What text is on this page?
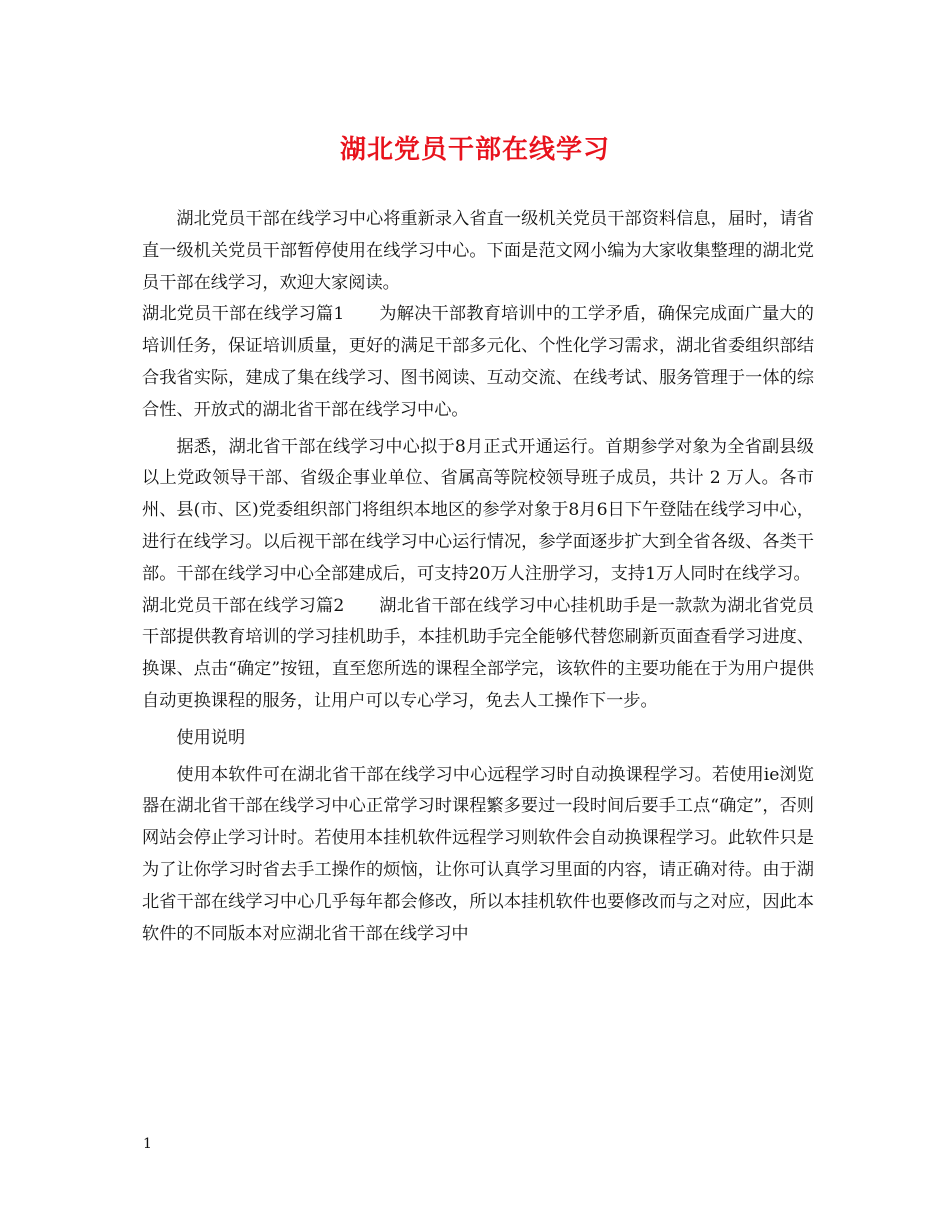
湖北党员干部在线学习

湖北党员干部在线学习中心将重新录入省直一级机关党员干部资料信息，届时，请省直一级机关党员干部暂停使用在线学习中心。下面是范文网小编为大家收集整理的湖北党员干部在线学习，欢迎大家阅读。

湖北党员干部在线学习篇1　　为解决干部教育培训中的工学矛盾，确保完成面广量大的培训任务，保证培训质量，更好的满足干部多元化、个性化学习需求，湖北省委组织部结合我省实际，建成了集在线学习、图书阅读、互动交流、在线考试、服务管理于一体的综合性、开放式的湖北省干部在线学习中心。

据悉，湖北省干部在线学习中心拟于8月正式开通运行。首期参学对象为全省副县级以上党政领导干部、省级企事业单位、省属高等院校领导班子成员，共计 2 万人。各市州、县(市、区)党委组织部门将组织本地区的参学对象于8月6日下午登陆在线学习中心，进行在线学习。以后视干部在线学习中心运行情况，参学面逐步扩大到全省各级、各类干部。干部在线学习中心全部建成后，可支持20万人注册学习，支持1万人同时在线学习。

湖北党员干部在线学习篇2　　湖北省干部在线学习中心挂机助手是一款款为湖北省党员干部提供教育培训的学习挂机助手，本挂机助手完全能够代替您刷新页面查看学习进度、换课、点击“确定”按钮，直至您所选的课程全部学完，该软件的主要功能在于为用户提供自动更换课程的服务，让用户可以专心学习，免去人工操作下一步。

使用说明

使用本软件可在湖北省干部在线学习中心远程学习时自动换课程学习。若使用ie浏览器在湖北省干部在线学习中心正常学习时课程繁多要过一段时间后要手工点“确定”，否则网站会停止学习计时。若使用本挂机软件远程学习则软件会自动换课程学习。此软件只是为了让你学习时省去手工操作的烦恼，让你可认真学习里面的内容，请正确对待。由于湖北省干部在线学习中心几乎每年都会修改，所以本挂机软件也要修改而与之对应，因此本软件的不同版本对应湖北省干部在线学习中

1
